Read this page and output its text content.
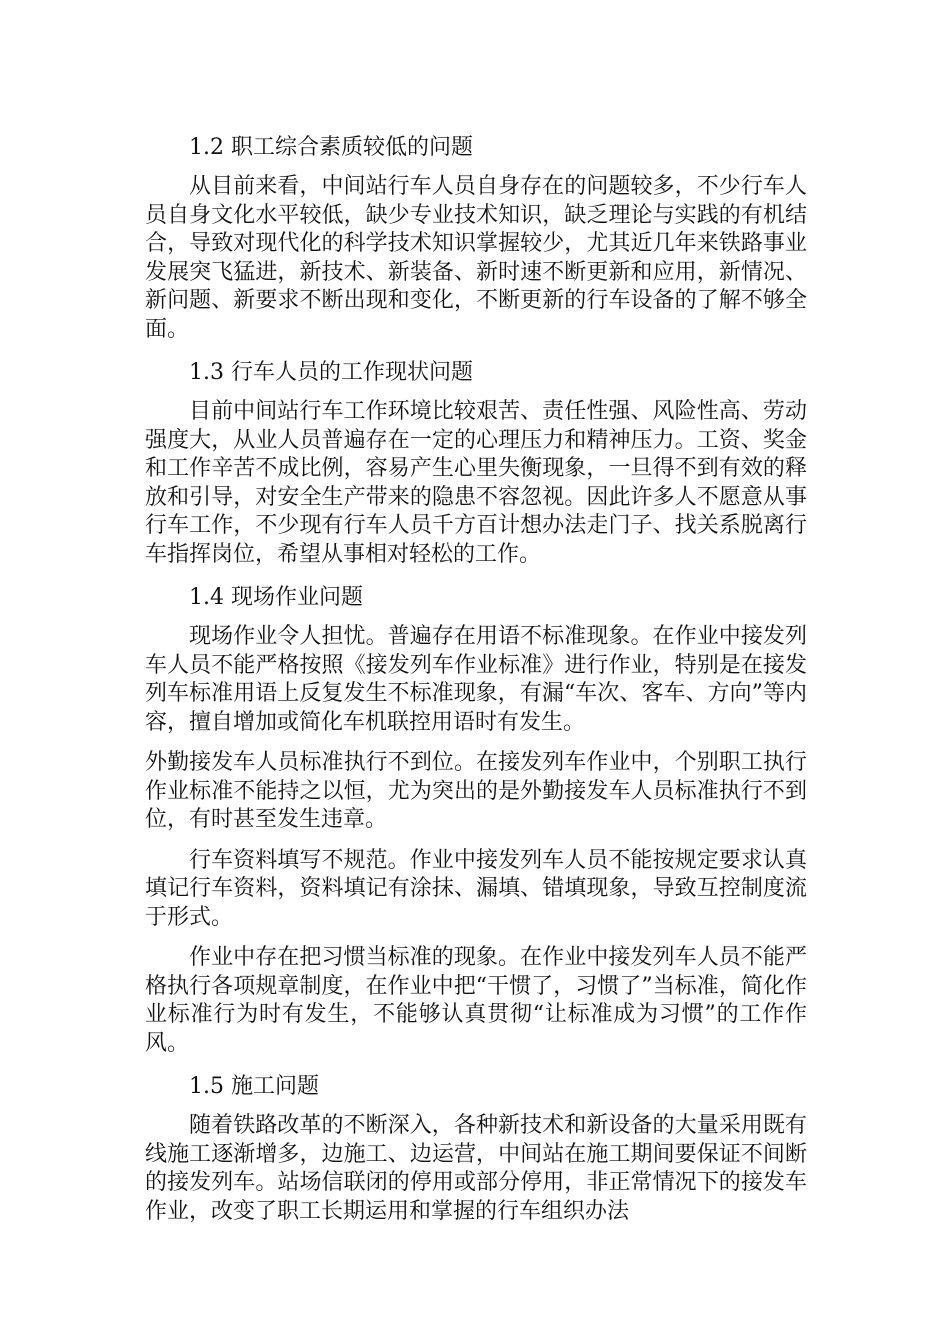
1.2 职工综合素质较低的问题

从目前来看，中间站行车人员自身存在的问题较多，不少行车人员自身文化水平较低，缺少专业技术知识，缺乏理论与实践的有机结合，导致对现代化的科学技术知识掌握较少，尤其近几年来铁路事业发展突飞猛进，新技术、新装备、新时速不断更新和应用，新情况、新问题、新要求不断出现和变化，不断更新的行车设备的了解不够全面。

1.3 行车人员的工作现状问题

目前中间站行车工作环境比较艰苦、责任性强、风险性高、劳动强度大，从业人员普遍存在一定的心理压力和精神压力。工资、奖金和工作辛苦不成比例，容易产生心里失衡现象，一旦得不到有效的释放和引导，对安全生产带来的隐患不容忽视。因此许多人不愿意从事行车工作，不少现有行车人员千方百计想办法走门子、找关系脱离行车指挥岗位，希望从事相对轻松的工作。

1.4 现场作业问题

现场作业令人担忧。普遍存在用语不标准现象。在作业中接发列车人员不能严格按照《接发列车作业标准》进行作业，特别是在接发列车标准用语上反复发生不标准现象，有漏“车次、客车、方向”等内容，擅自增加或简化车机联控用语时有发生。

外勤接发车人员标准执行不到位。在接发列车作业中，个别职工执行作业标准不能持之以恒，尤为突出的是外勤接发车人员标准执行不到位，有时甚至发生违章。

行车资料填写不规范。作业中接发列车人员不能按规定要求认真填记行车资料，资料填记有涂抹、漏填、错填现象，导致互控制度流于形式。

作业中存在把习惯当标准的现象。在作业中接发列车人员不能严格执行各项规章制度，在作业中把“干惯了，习惯了”当标准，简化作业标准行为时有发生，不能够认真贯彻“让标准成为习惯”的工作作风。

1.5 施工问题

随着铁路改革的不断深入，各种新技术和新设备的大量采用既有线施工逐渐增多，边施工、边运营，中间站在施工期间要保证不间断的接发列车。站场信联闭的停用或部分停用，非正常情况下的接发车作业，改变了职工长期运用和掌握的行车组织办法
